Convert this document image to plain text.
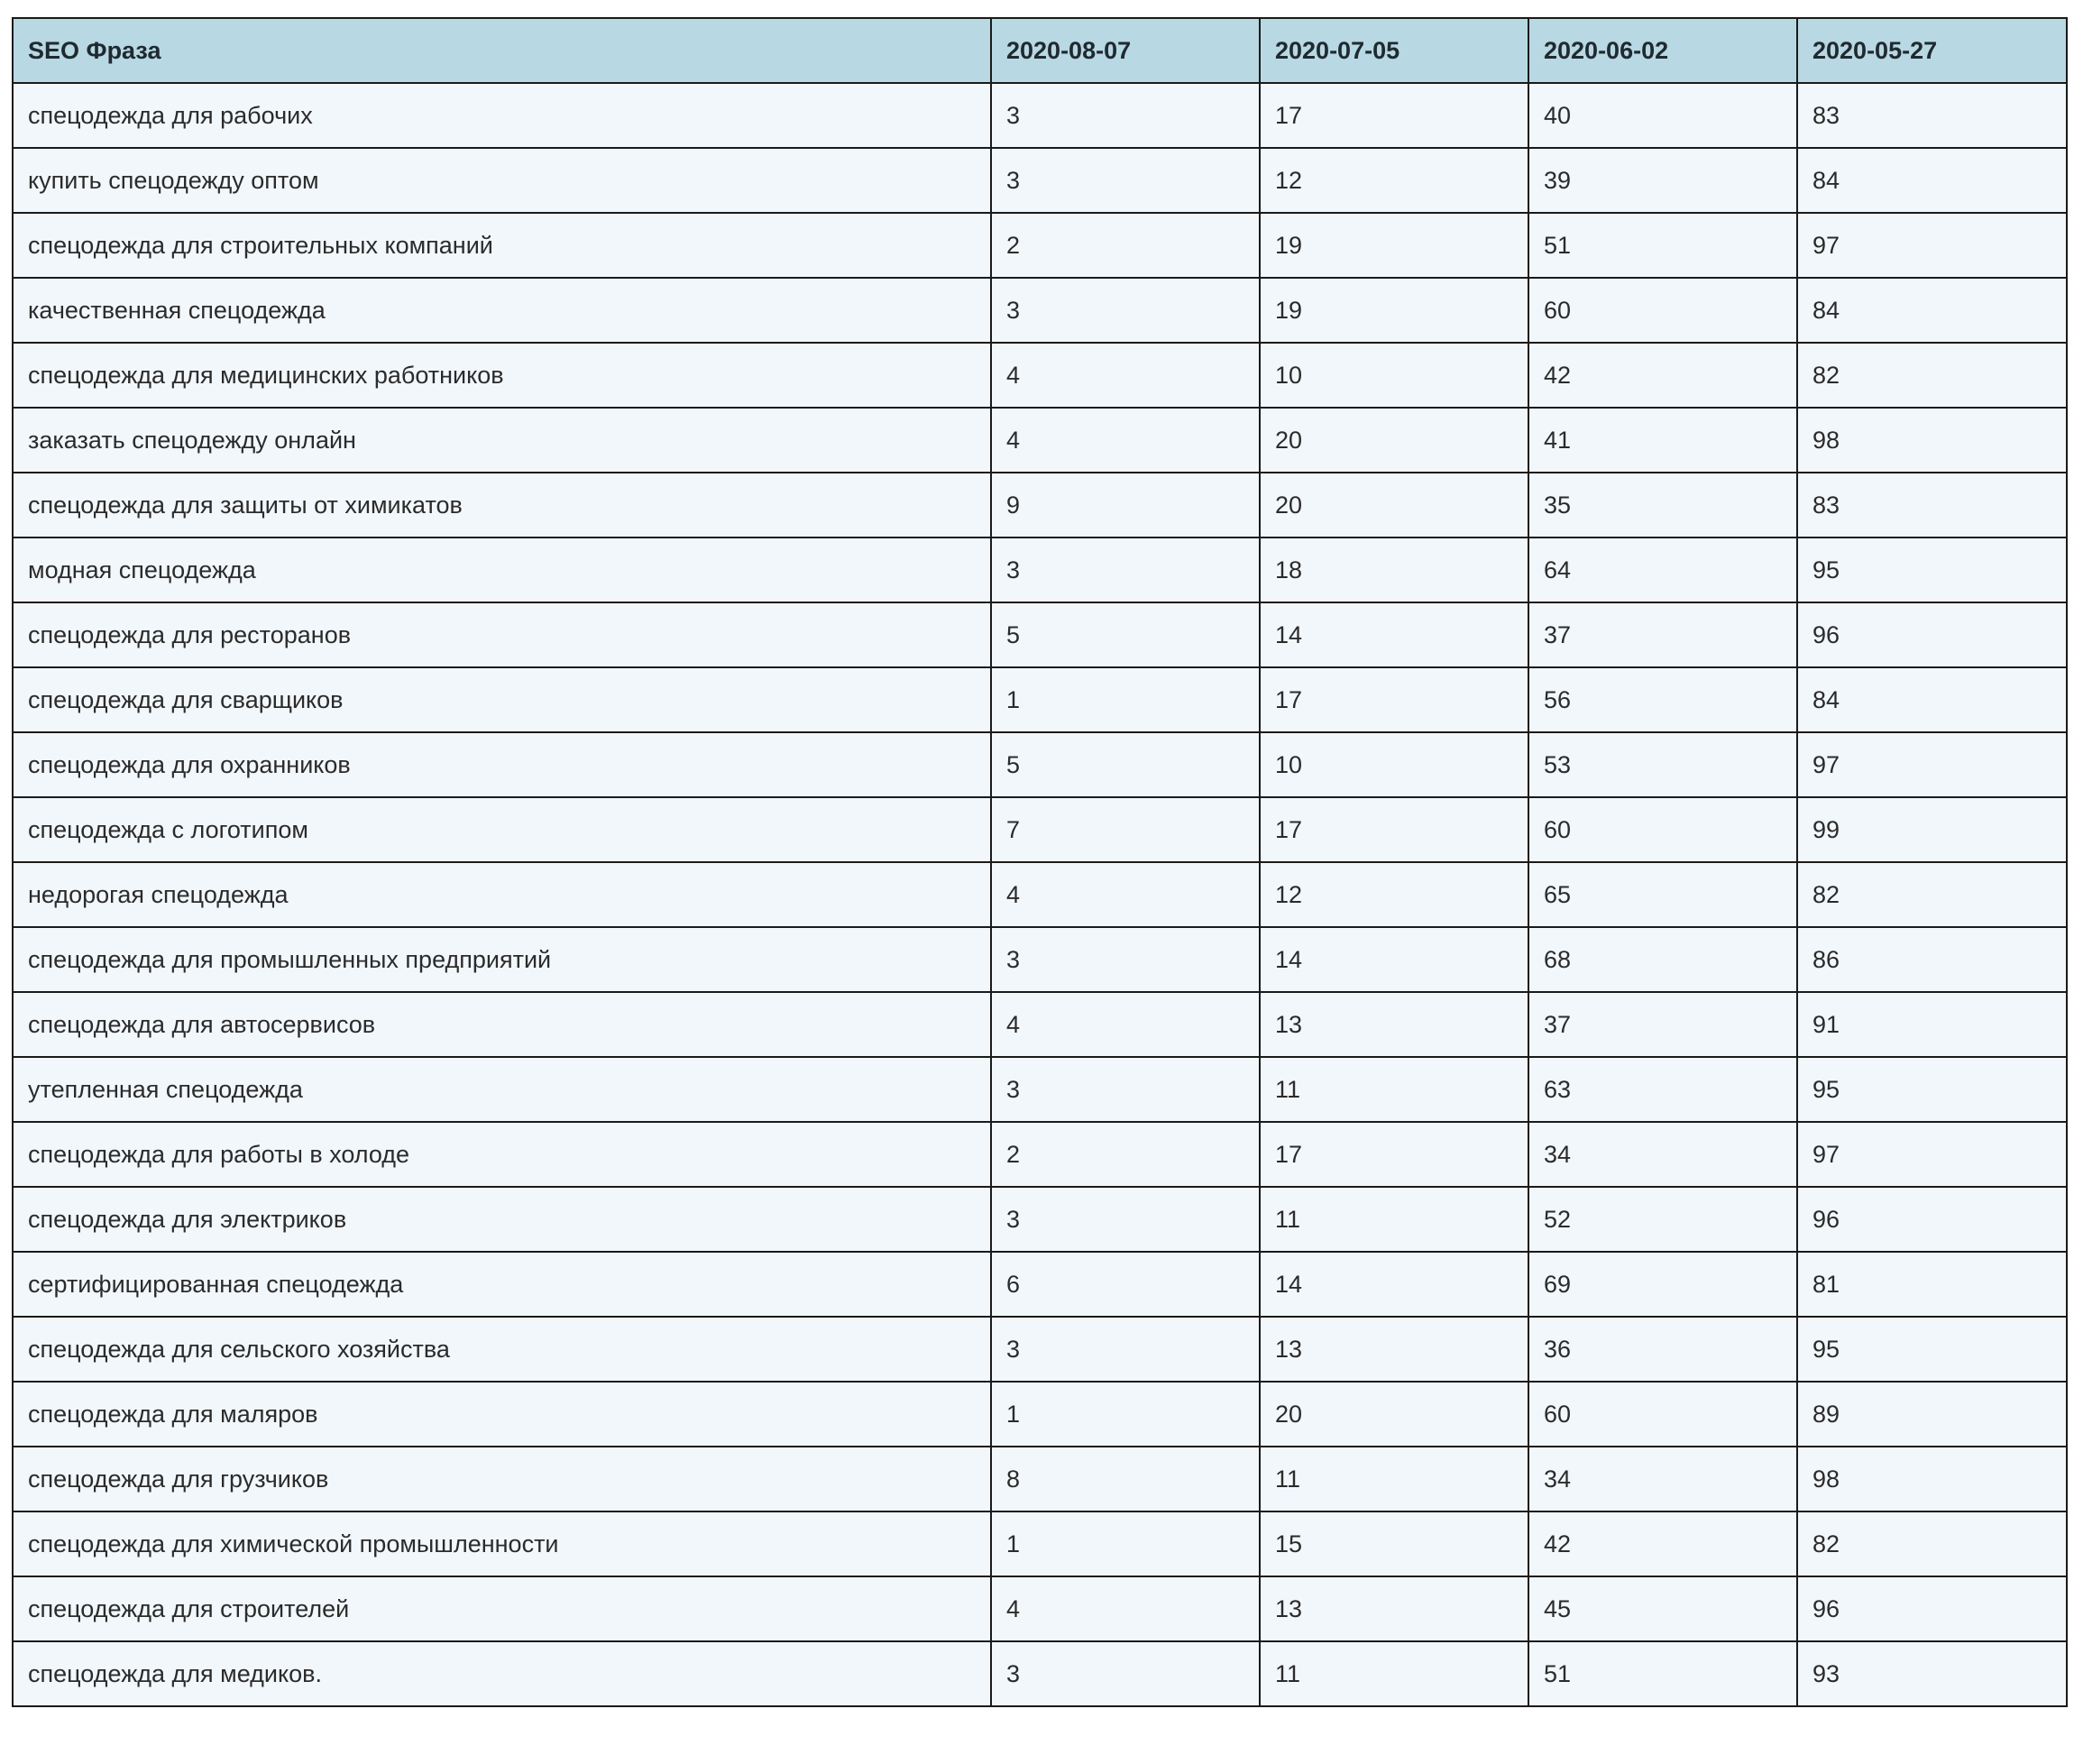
SEO Фраза	2020-08-07	2020-07-05	2020-06-02	2020-05-27
спецодежда для рабочих	3	17	40	83
купить спецодежду оптом	3	12	39	84
спецодежда для строительных компаний	2	19	51	97
качественная спецодежда	3	19	60	84
спецодежда для медицинских работников	4	10	42	82
заказать спецодежду онлайн	4	20	41	98
спецодежда для защиты от химикатов	9	20	35	83
модная спецодежда	3	18	64	95
спецодежда для ресторанов	5	14	37	96
спецодежда для сварщиков	1	17	56	84
спецодежда для охранников	5	10	53	97
спецодежда с логотипом	7	17	60	99
недорогая спецодежда	4	12	65	82
спецодежда для промышленных предприятий	3	14	68	86
спецодежда для автосервисов	4	13	37	91
утепленная спецодежда	3	11	63	95
спецодежда для работы в холоде	2	17	34	97
спецодежда для электриков	3	11	52	96
сертифицированная спецодежда	6	14	69	81
спецодежда для сельского хозяйства	3	13	36	95
спецодежда для маляров	1	20	60	89
спецодежда для грузчиков	8	11	34	98
спецодежда для химической промышленности	1	15	42	82
спецодежда для строителей	4	13	45	96
спецодежда для медиков.	3	11	51	93
